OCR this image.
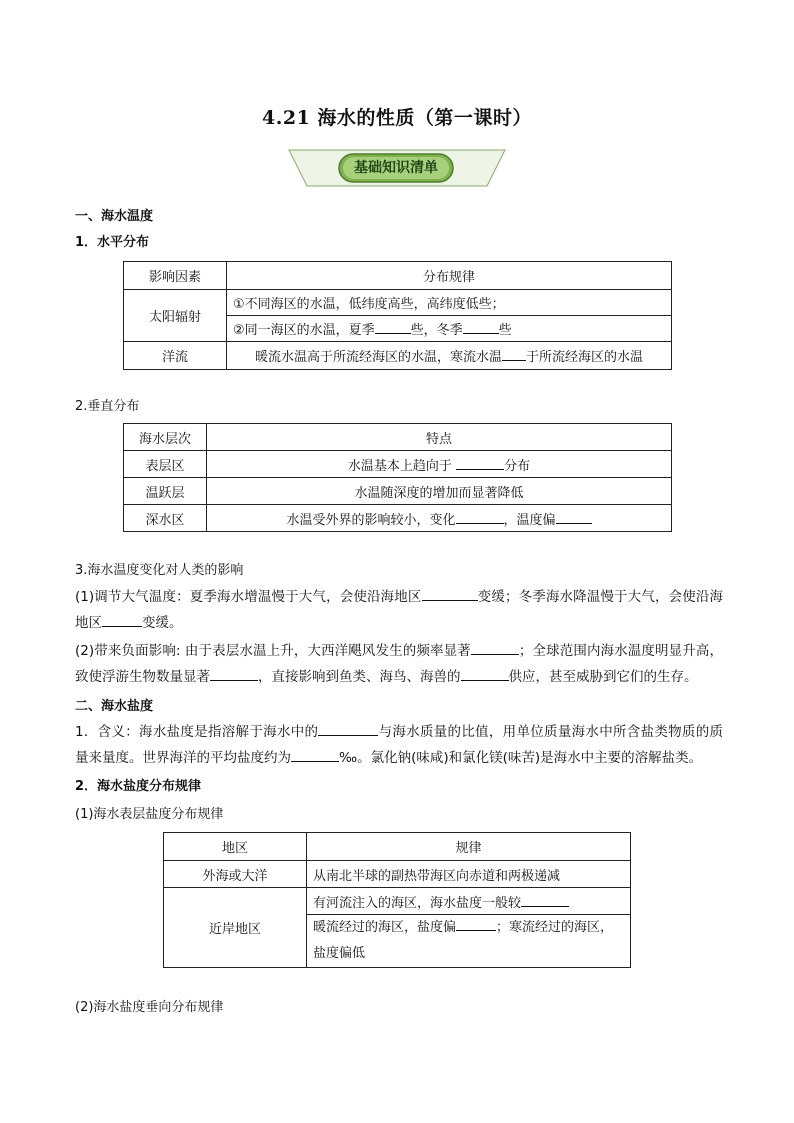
4.21 海水的性质（第一课时）
基础知识清单
一、海水温度
1．水平分布
影响因素	分布规律
太阳辐射	①不同海区的水温，低纬度高些，高纬度低些；
	②同一海区的水温，夏季 些，冬季 些
洋流	暖流水温高于所流经海区的水温，寒流水温 于所流经海区的水温
2.垂直分布
海水层次	特点
表层区	水温基本上趋向于 分布
温跃层	水温随深度的增加而显著降低
深水区	水温受外界的影响较小，变化 ，温度偏
3.海水温度变化对人类的影响
(1)调节大气温度：夏季海水增温慢于大气，会使沿海地区	变缓；冬季海水降温慢于大气，会使沿海地区	变缓。
(2)带来负面影响: 由于表层水温上升，大西洋飓风发生的频率显著	；全球范围内海水温度明显升高，致使浮游生物数量显著	，直接影响到鱼类、海鸟、海兽的	供应，甚至威胁到它们的生存。
二、海水盐度
1．含义：海水盐度是指溶解于海水中的	与海水质量的比值，用单位质量海水中所含盐类物质的质量来量度。世界海洋的平均盐度约为	‰。氯化钠(味咸)和氯化镁(味苦)是海水中主要的溶解盐类。
2．海水盐度分布规律
(1)海水表层盐度分布规律
地区	规律
外海或大洋	从南北半球的副热带海区向赤道和两极递减
近岸地区	有河流注入的海区，海水盐度一般较
	暖流经过的海区，盐度偏 ；寒流经过的海区，
盐度偏低
(2)海水盐度垂向分布规律
